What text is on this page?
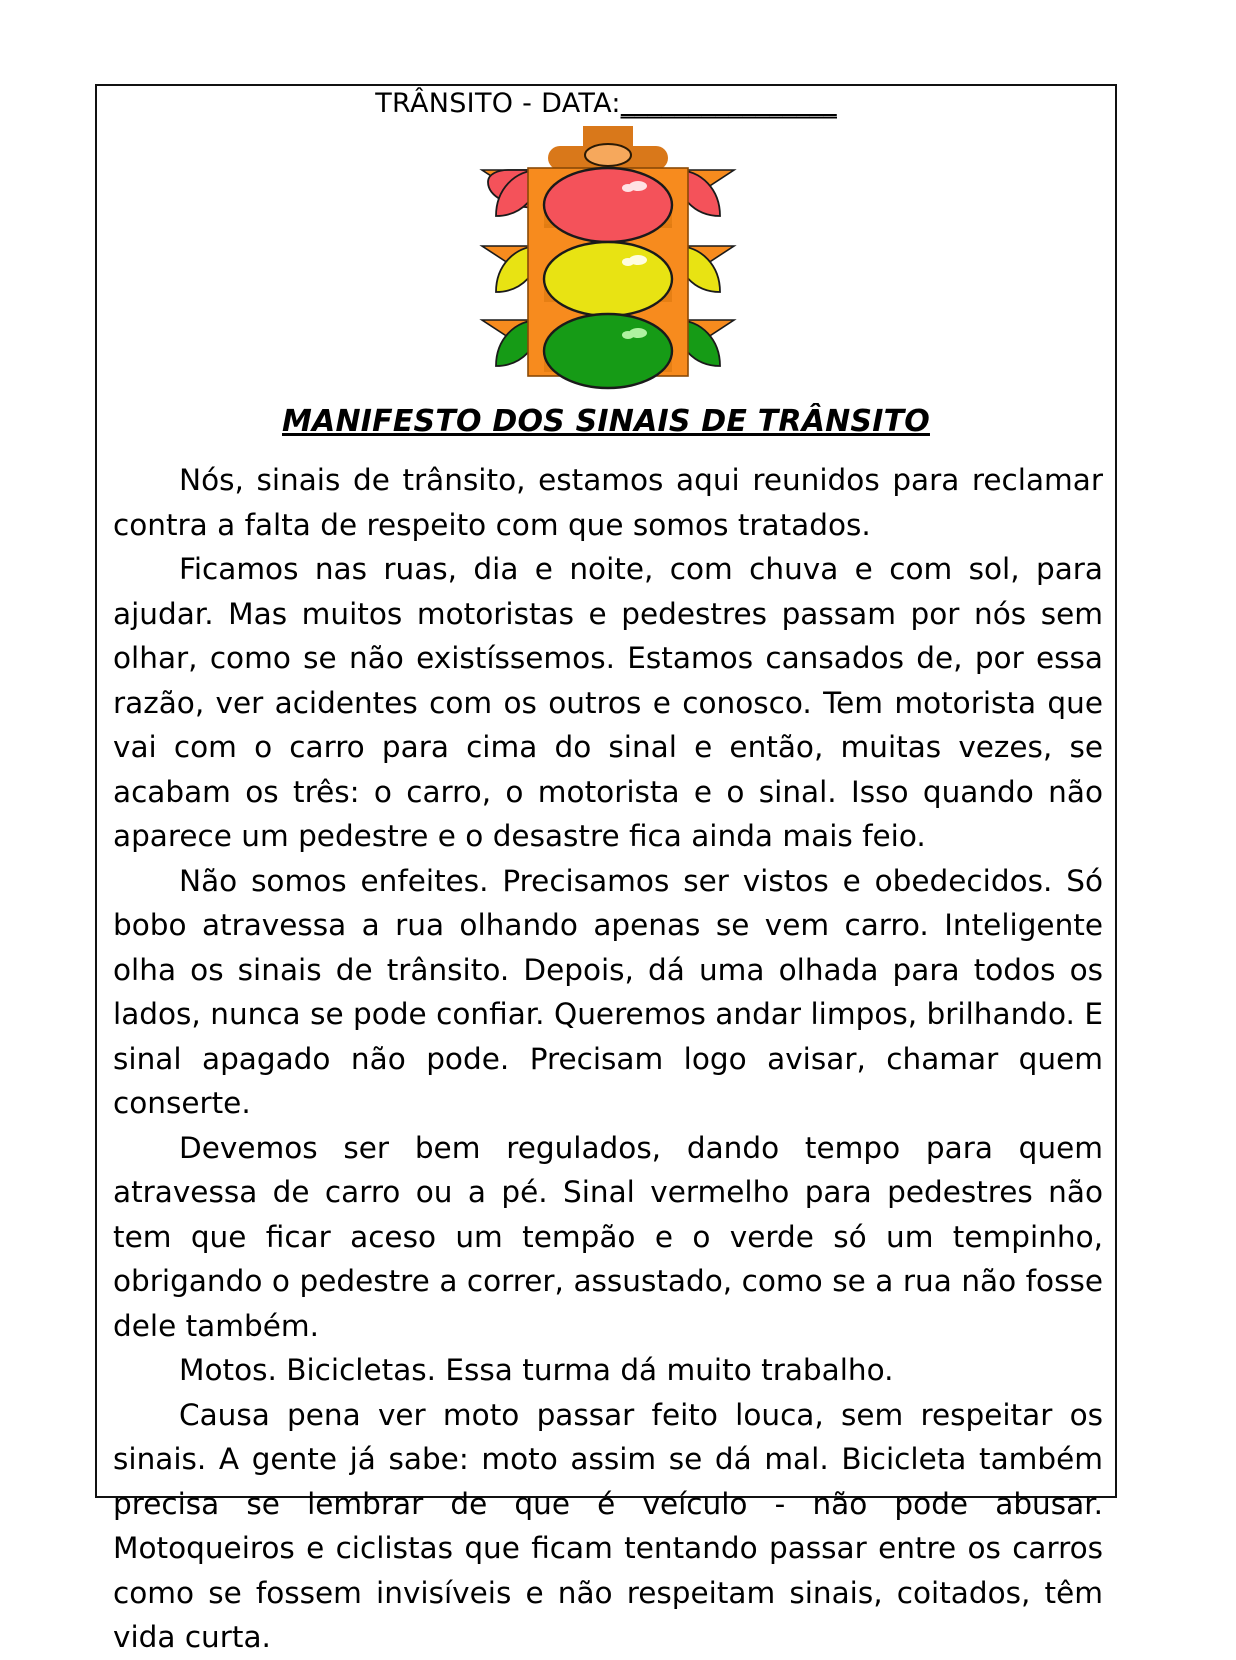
TRÂNSITO - DATA:________________
MANIFESTO DOS SINAIS DE TRÂNSITO

Nós, sinais de trânsito, estamos aqui reunidos para reclamar contra a falta de respeito com que somos tratados.

Ficamos nas ruas, dia e noite, com chuva e com sol, para ajudar. Mas muitos motoristas e pedestres passam por nós sem olhar, como se não existíssemos. Estamos cansados de, por essa razão, ver acidentes com os outros e conosco. Tem motorista que vai com o carro para cima do sinal e então, muitas vezes, se acabam os três: o carro, o motorista e o sinal. Isso quando não aparece um pedestre e o desastre fica ainda mais feio.

Não somos enfeites. Precisamos ser vistos e obedecidos. Só bobo atravessa a rua olhando apenas se vem carro. Inteligente olha os sinais de trânsito. Depois, dá uma olhada para todos os lados, nunca se pode confiar. Queremos andar limpos, brilhando. E sinal apagado não pode. Precisam logo avisar, chamar quem conserte.

Devemos ser bem regulados, dando tempo para quem atravessa de carro ou a pé. Sinal vermelho para pedestres não tem que ficar aceso um tempão e o verde só um tempinho, obrigando o pedestre a correr, assustado, como se a rua não fosse dele também.

Motos. Bicicletas. Essa turma dá muito trabalho.

Causa pena ver moto passar feito louca, sem respeitar os sinais. A gente já sabe: moto assim se dá mal. Bicicleta também precisa se lembrar de que é veículo - não pode abusar. Motoqueiros e ciclistas que ficam tentando passar entre os carros como se fossem invisíveis e não respeitam sinais, coitados, têm vida curta.
